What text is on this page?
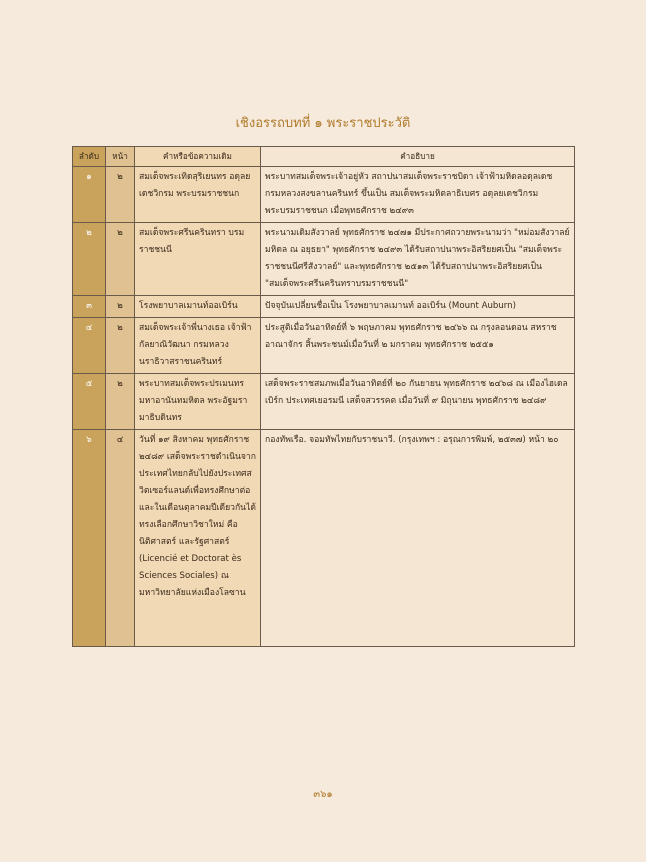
เชิงอรรถบทที่ ๑ พระราชประวัติ
ลำดับ	หน้า	คำหรือข้อความเดิม	คำอธิบาย
๑	๒	สมเด็จพระเทิดสุริเยนทร อดุลยเดชวิกรม พระบรมราชชนก	พระบาทสมเด็จพระเจ้าอยู่หัว สถาปนาสมเด็จพระราชบิดา เจ้าฟ้ามหิดลอดุลเดช กรมหลวงสงขลานครินทร์ ขึ้นเป็น สมเด็จพระมหิตลาธิเบศร อดุลยเดชวิกรม พระบรมราชชนก เมื่อพุทธศักราช ๒๔๙๓
๒	๒	สมเด็จพระศรีนครินทรา บรมราชชนนี	พระนามเดิมสังวาลย์ พุทธศักราช ๒๔๗๑ มีประกาศถวายพระนามว่า "หม่อมสังวาลย์ มหิดล ณ อยุธยา" พุทธศักราช ๒๔๙๓ ได้รับสถาปนาพระอิสริยยศเป็น "สมเด็จพระราชชนนีศรีสังวาลย์" และพุทธศักราช ๒๕๑๓ ได้รับสถาปนาพระอิสริยยศเป็น "สมเด็จพระศรีนครินทราบรมราชชนนี"
๓	๒	โรงพยาบาลเมานท์ออเบิร์น	ปัจจุบันเปลี่ยนชื่อเป็น โรงพยาบาลเมานท์ ออเบิร์น (Mount Auburn)
๔	๒	สมเด็จพระเจ้าพี่นางเธอ เจ้าฟ้ากัลยาณิวัฒนา กรมหลวงนราธิวาสราชนครินทร์	ประสูติเมื่อวันอาทิตย์ที่ ๖ พฤษภาคม พุทธศักราช ๒๔๖๖ ณ กรุงลอนดอน สหราชอาณาจักร สิ้นพระชนม์เมื่อวันที่ ๒ มกราคม พุทธศักราช ๒๕๕๑
๕	๒	พระบาทสมเด็จพระปรเมนทร มหาอานันทมหิดล พระอัฐมรามาธิบดินทร	เสด็จพระราชสมภพเมื่อวันอาทิตย์ที่ ๒๐ กันยายน พุทธศักราช ๒๔๖๘ ณ เมืองไฮเดลเบิร์ก ประเทศเยอรมนี เสด็จสวรรคต เมื่อวันที่ ๙ มิถุนายน พุทธศักราช ๒๔๘๙
๖	๔	วันที่ ๑๙ สิงหาคม พุทธศักราช ๒๔๘๙ เสด็จพระราชดำเนินจากประเทศไทยกลับไปยังประเทศสวิตเซอร์แลนด์เพื่อทรงศึกษาต่อ และในเดือนตุลาคมปีเดียวกันได้ทรงเลือกศึกษาวิชาใหม่ คือ นิติศาสตร์ และรัฐศาสตร์ (Licencié et Doctorat ès Sciences Sociales) ณ มหาวิทยาลัยแห่งเมืองโลซาน	กองทัพเรือ. จอมทัพไทยกับราชนาวี. (กรุงเทพฯ : อรุณการพิมพ์, ๒๕๓๗) หน้า ๒๐
๓๖๑
